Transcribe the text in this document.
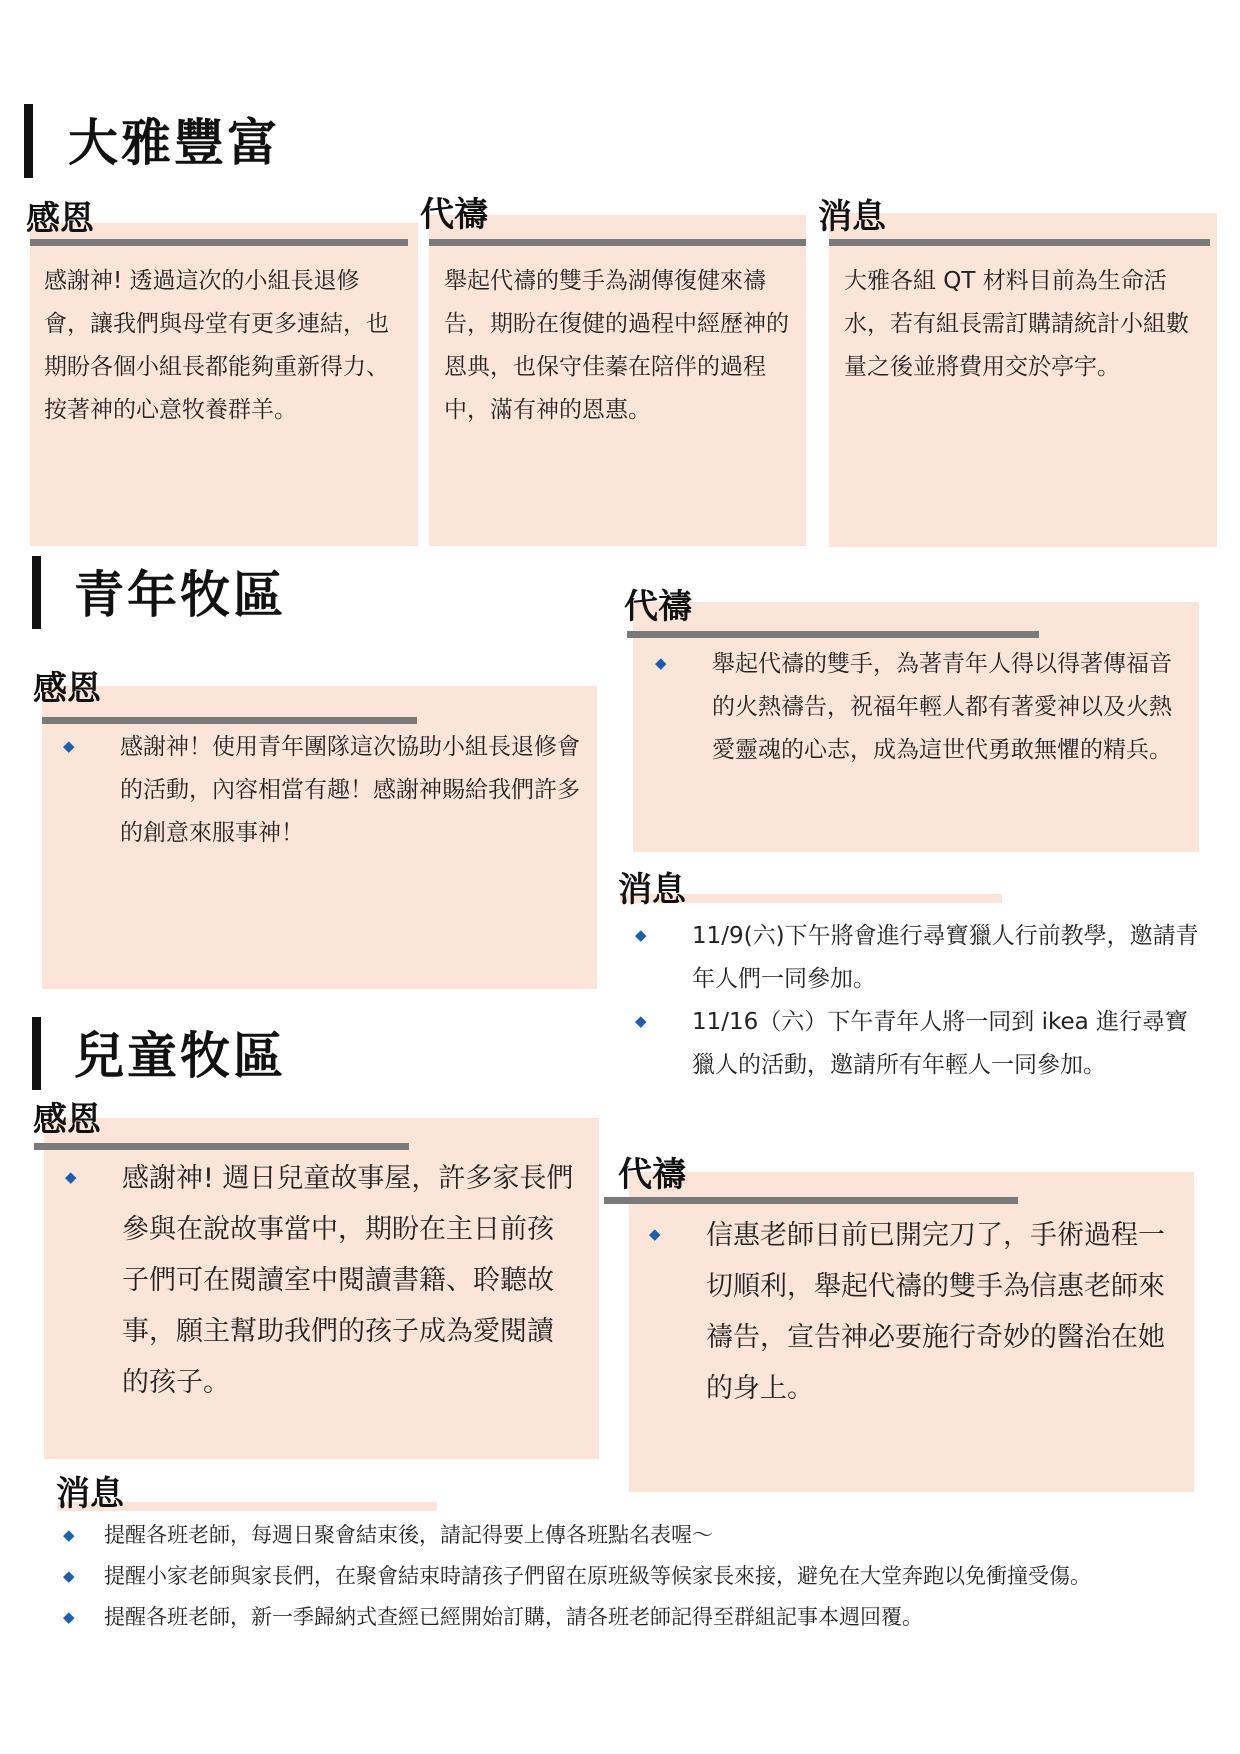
大雅豐富
感恩
感謝神! 透過這次的小組長退修會，讓我們與母堂有更多連結，也期盼各個小組長都能夠重新得力、按著神的心意牧養群羊。
代禱
舉起代禱的雙手為湖傳復健來禱告，期盼在復健的過程中經歷神的恩典，也保守佳蓁在陪伴的過程中，滿有神的恩惠。
消息
大雅各組 QT 材料目前為生命活水，若有組長需訂購請統計小組數量之後並將費用交於亭宇。
青年牧區
感恩
◆ 感謝神！使用青年團隊這次協助小組長退修會的活動，內容相當有趣！感謝神賜給我們許多的創意來服事神！
代禱
◆ 舉起代禱的雙手，為著青年人得以得著傳福音的火熱禱告，祝福年輕人都有著愛神以及火熱愛靈魂的心志，成為這世代勇敢無懼的精兵。
消息
◆ 11/9(六)下午將會進行尋寶獵人行前教學，邀請青年人們一同參加。
◆ 11/16（六）下午青年人將一同到 ikea 進行尋寶獵人的活動，邀請所有年輕人一同參加。
兒童牧區
感恩
◆ 感謝神! 週日兒童故事屋，許多家長們參與在說故事當中，期盼在主日前孩子們可在閱讀室中閱讀書籍、聆聽故事，願主幫助我們的孩子成為愛閱讀的孩子。
代禱
◆ 信惠老師日前已開完刀了，手術過程一切順利，舉起代禱的雙手為信惠老師來禱告，宣告神必要施行奇妙的醫治在她的身上。
消息
◆ 提醒各班老師，每週日聚會結束後，請記得要上傳各班點名表喔～
◆ 提醒小家老師與家長們，在聚會結束時請孩子們留在原班級等候家長來接，避免在大堂奔跑以免衝撞受傷。
◆ 提醒各班老師，新一季歸納式查經已經開始訂購，請各班老師記得至群組記事本週回覆。
